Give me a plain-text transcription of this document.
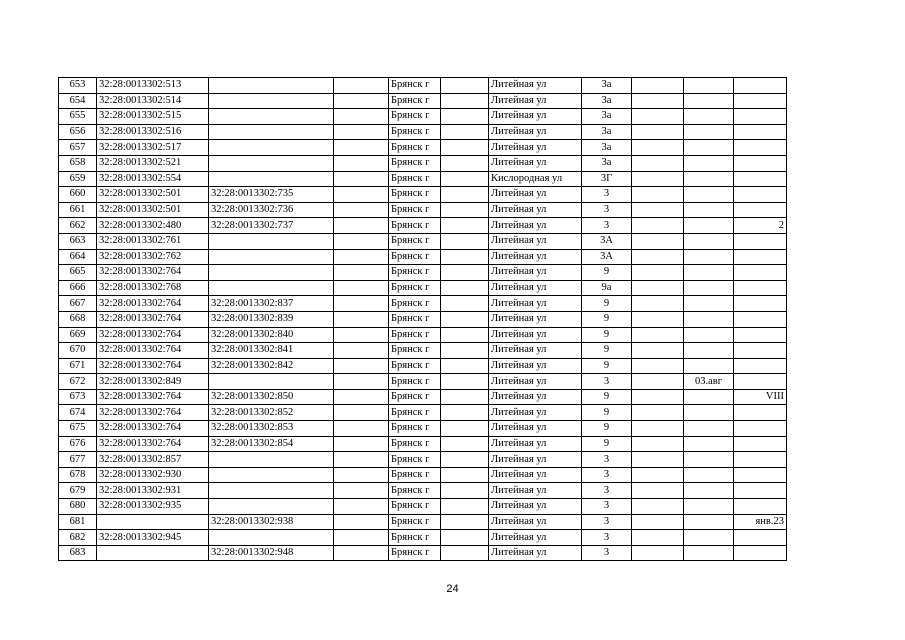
653	32:28:0013302:513			Брянск г		Литейная ул	3а			
654	32:28:0013302:514			Брянск г		Литейная ул	3а			
655	32:28:0013302:515			Брянск г		Литейная ул	3а			
656	32:28:0013302:516			Брянск г		Литейная ул	3а			
657	32:28:0013302:517			Брянск г		Литейная ул	3а			
658	32:28:0013302:521			Брянск г		Литейная ул	3а			
659	32:28:0013302:554			Брянск г		Кислородная ул	3Г			
660	32:28:0013302:501	32:28:0013302:735		Брянск г		Литейная ул	3			
661	32:28:0013302:501	32:28:0013302:736		Брянск г		Литейная ул	3			
662	32:28:0013302:480	32:28:0013302:737		Брянск г		Литейная ул	3			2
663	32:28:0013302:761			Брянск г		Литейная ул	3А			
664	32:28:0013302:762			Брянск г		Литейная ул	3А			
665	32:28:0013302:764			Брянск г		Литейная ул	9			
666	32:28:0013302:768			Брянск г		Литейная ул	9а			
667	32:28:0013302:764	32:28:0013302:837		Брянск г		Литейная ул	9			
668	32:28:0013302:764	32:28:0013302:839		Брянск г		Литейная ул	9			
669	32:28:0013302:764	32:28:0013302:840		Брянск г		Литейная ул	9			
670	32:28:0013302:764	32:28:0013302:841		Брянск г		Литейная ул	9			
671	32:28:0013302:764	32:28:0013302:842		Брянск г		Литейная ул	9			
672	32:28:0013302:849			Брянск г		Литейная ул	3		03.авг	
673	32:28:0013302:764	32:28:0013302:850		Брянск г		Литейная ул	9			VIII
674	32:28:0013302:764	32:28:0013302:852		Брянск г		Литейная ул	9			
675	32:28:0013302:764	32:28:0013302:853		Брянск г		Литейная ул	9			
676	32:28:0013302:764	32:28:0013302:854		Брянск г		Литейная ул	9			
677	32:28:0013302:857			Брянск г		Литейная ул	3			
678	32:28:0013302:930			Брянск г		Литейная ул	3			
679	32:28:0013302:931			Брянск г		Литейная ул	3			
680	32:28:0013302:935			Брянск г		Литейная ул	3			
681		32:28:0013302:938		Брянск г		Литейная ул	3			янв.23
682	32:28:0013302:945			Брянск г		Литейная ул	3			
683		32:28:0013302:948		Брянск г		Литейная ул	3			
24
